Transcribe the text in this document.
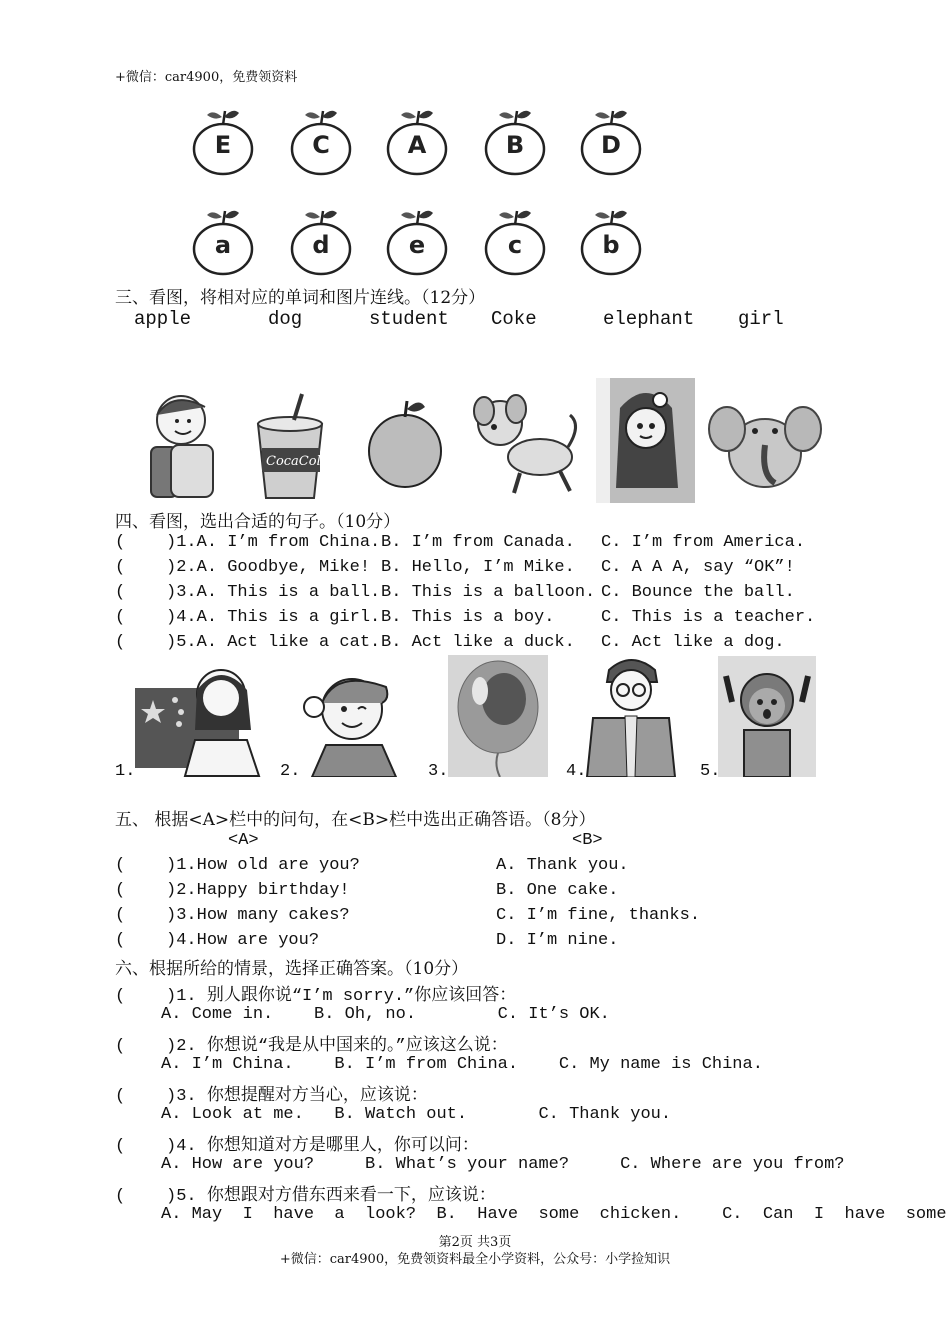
+微信：car4900，免费领资料
E	C	A	B	D
a	d	e	c	b
三、看图，将相对应的单词和图片连线。（12分）
apple	dog	student Coke	elephant girl
CocaCola
四、看图，选出合适的句子。（10分）
(    )1.A. I’m from China. B. I’m from Canada. C. I’m from America.
(    )2.A. Goodbye, Mike! B. Hello, I’m Mike. C. A A A, say “OK”!
(    )3.A. This is a ball. B. This is a balloon. C. Bounce the ball.
(    )4.A. This is a girl. B. This is a boy.	C. This is a teacher.
(    )5.A. Act like a cat. B. Act like a duck. C. Act like a dog.
1.	2.	3.	4.	5.
五、 根据<A>栏中的问句，在<B>栏中选出正确答语。（8分）
<A>	<B>
(    )1.How old are you?	A. Thank you.
(    )2.Happy birthday!	B. One cake.
(    )3.How many cakes?	C. I’m fine, thanks.
(    )4.How are you?	D. I’m nine.
六、根据所给的情景，选择正确答案。（10分）
(    )1. 别人跟你说“I’m sorry.”你应该回答：
A. Come in.    B. Oh, no.        C. It’s OK.
(    )2. 你想说“我是从中国来的。”应该这么说：
A. I’m China.    B. I’m from China.    C. My name is China.
(    )3. 你想提醒对方当心，应该说：
A. Look at me.   B. Watch out.       C. Thank you.
(    )4. 你想知道对方是哪里人，你可以问：
A. How are you?     B. What’s your name?     C. Where are you from?
(    )5. 你想跟对方借东西来看一下，应该说：
A. May  I  have  a  look?  B.  Have  some  chicken.    C.  Can  I  have  some
第2页 共3页
+微信：car4900，免费领资料最全小学资料，公众号：小学捡知识
